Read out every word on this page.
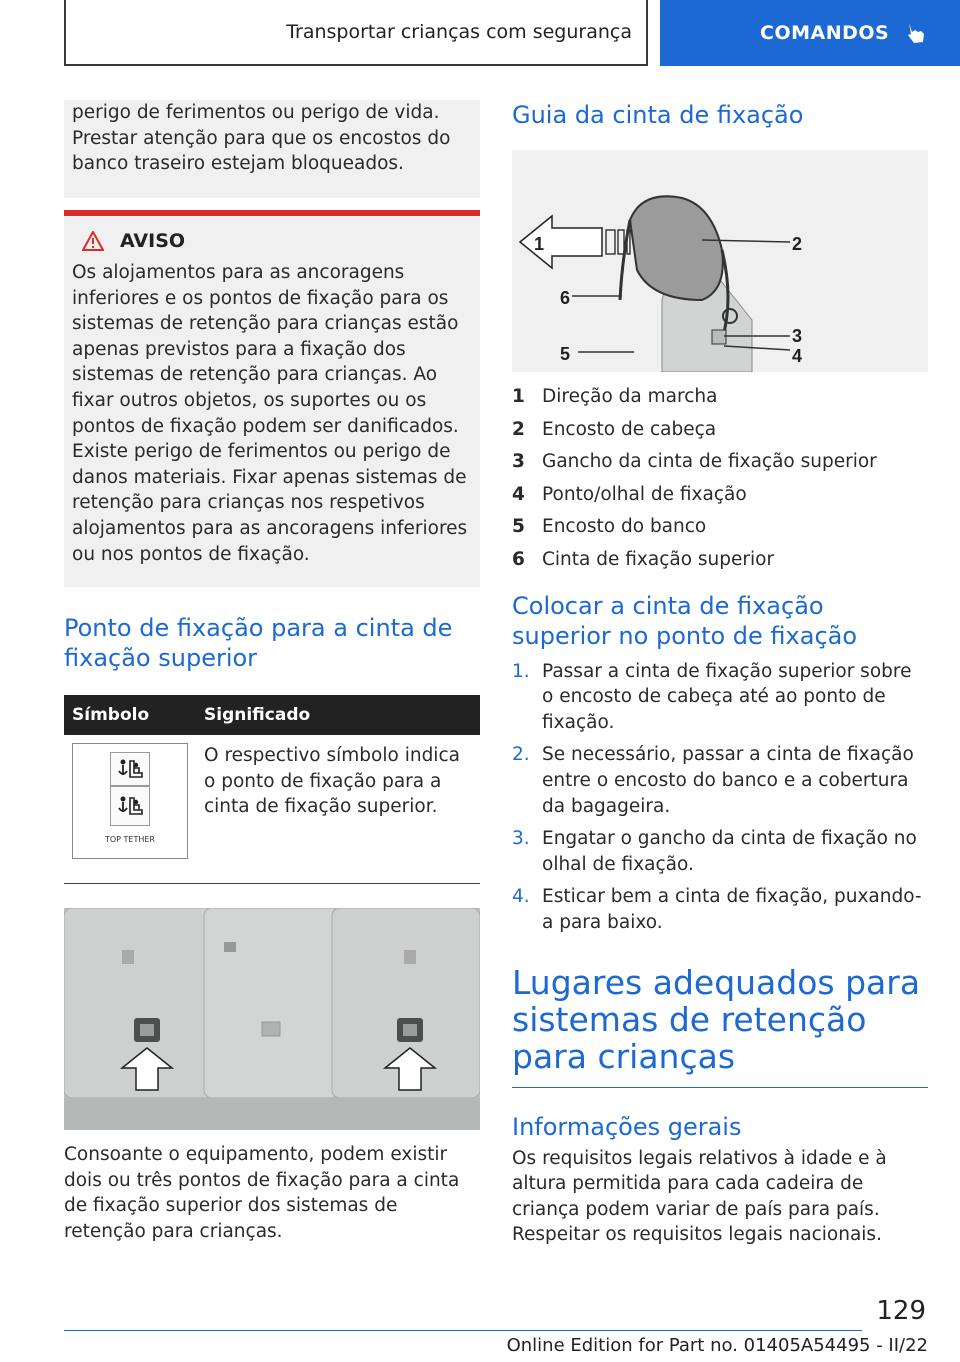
Transportar crianças com segurança	COMANDOS

perigo de ferimentos ou perigo de vida. Prestar atenção para que os encostos do banco traseiro estejam bloqueados.

AVISO

Os alojamentos para as ancoragens inferiores e os pontos de fixação para os sistemas de retenção para crianças estão apenas previstos para a fixação dos sistemas de retenção para crianças. Ao fixar outros objetos, os suportes ou os pontos de fixação podem ser danificados. Existe perigo de ferimentos ou perigo de danos materiais. Fixar apenas sistemas de retenção para crianças nos respetivos alojamentos para as ancoragens inferiores ou nos pontos de fixação.

Ponto de fixação para a cinta de fixação superior
Símbolo	Significado

TOP TETHER	O respectivo símbolo indica o ponto de fixação para a cinta de fixação superior.

Consoante o equipamento, podem existir dois ou três pontos de fixação para a cinta de fixação superior dos sistemas de retenção para crianças.

Guia da cinta de fixação
1	2
3
4
5
6
1 Direção da marcha
2 Encosto de cabeça
3 Gancho da cinta de fixação superior
4 Ponto/olhal de fixação
5 Encosto do banco
6 Cinta de fixação superior
Colocar a cinta de fixação superior no ponto de fixação
1. Passar a cinta de fixação superior sobre o encosto de cabeça até ao ponto de fixação.
2. Se necessário, passar a cinta de fixação entre o encosto do banco e a cobertura da bagageira.
3. Engatar o gancho da cinta de fixação no olhal de fixação.
4. Esticar bem a cinta de fixação, puxando-a para baixo.
Lugares adequados para sistemas de retenção para crianças
Informações gerais

Os requisitos legais relativos à idade e à altura permitida para cada cadeira de criança podem variar de país para país. Respeitar os requisitos legais nacionais.

129
Online Edition for Part no. 01405A54495 - II/22
